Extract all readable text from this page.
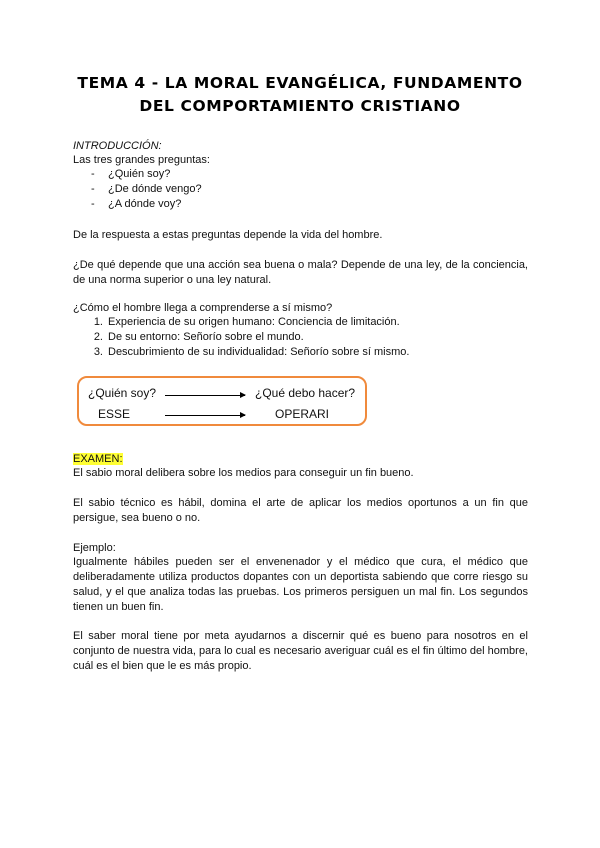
TEMA 4 - LA MORAL EVANGÉLICA, FUNDAMENTO
DEL COMPORTAMIENTO CRISTIANO
INTRODUCCIÓN:
Las tres grandes preguntas:
- ¿Quién soy?
- ¿De dónde vengo?
- ¿A dónde voy?
De la respuesta a estas preguntas depende la vida del hombre.
¿De qué depende que una acción sea buena o mala? Depende de una ley, de la conciencia, de una norma superior o una ley natural.
¿Cómo el hombre llega a comprenderse a sí mismo?
1. Experiencia de su origen humano: Conciencia de limitación.
2. De su entorno: Señorío sobre el mundo.
3. Descubrimiento de su individualidad: Señorío sobre sí mismo.
¿Quién soy?	¿Qué debo hacer?
ESSE	OPERARI
EXAMEN:
El sabio moral delibera sobre los medios para conseguir un fin bueno.
El sabio técnico es hábil, domina el arte de aplicar los medios oportunos a un fin que persigue, sea bueno o no.
Ejemplo:
Igualmente hábiles pueden ser el envenenador y el médico que cura, el médico que deliberadamente utiliza productos dopantes con un deportista sabiendo que corre riesgo su salud, y el que analiza todas las pruebas. Los primeros persiguen un mal fin. Los segundos tienen un buen fin.
El saber moral tiene por meta ayudarnos a discernir qué es bueno para nosotros en el conjunto de nuestra vida, para lo cual es necesario averiguar cuál es el fin último del hombre, cuál es el bien que le es más propio.
